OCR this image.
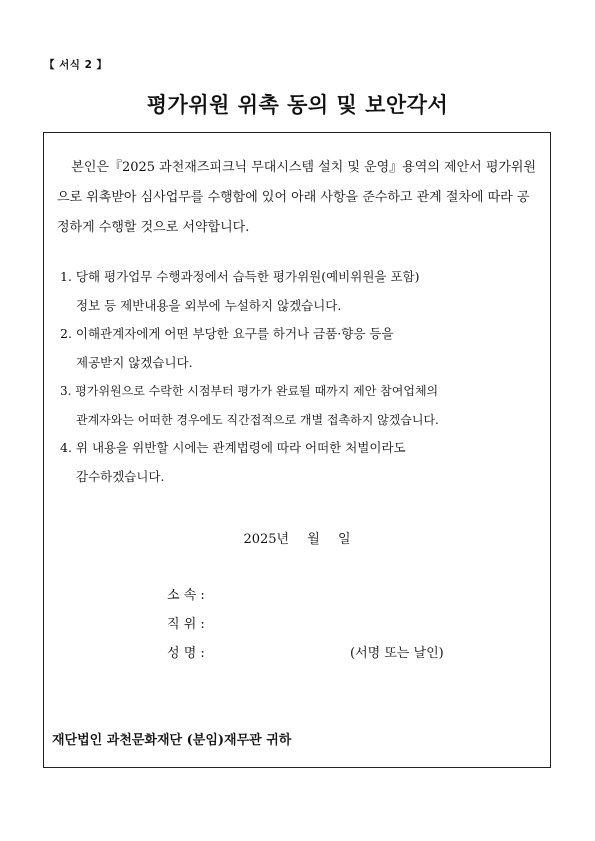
【 서식 2 】
평가위원 위촉 동의 및 보안각서

본인은『2025 과천재즈피크닉 무대시스템 설치 및 운영』용역의 제안서 평가위원으로 위촉받아 심사업무를 수행함에 있어 아래 사항을 준수하고 관계 절차에 따라 공정하게 수행할 것으로 서약합니다.

1. 당해 평가업무 수행과정에서 습득한 평가위원(예비위원을 포함)
정보 등 제반내용을 외부에 누설하지 않겠습니다.
2. 이해관계자에게 어떤 부당한 요구를 하거나 금품·향응 등을
제공받지 않겠습니다.
3. 평가위원으로 수락한 시점부터 평가가 완료될 때까지 제안 참여업체의
관계자와는 어떠한 경우에도 직간접적으로 개별 접촉하지 않겠습니다.
4. 위 내용을 위반할 시에는 관계법령에 따라 어떠한 처벌이라도
감수하겠습니다.
2025년 월 일
소 속 :
직 위 :
성 명 :	(서명 또는 날인)
재단법인 과천문화재단 (분임)재무관 귀하
